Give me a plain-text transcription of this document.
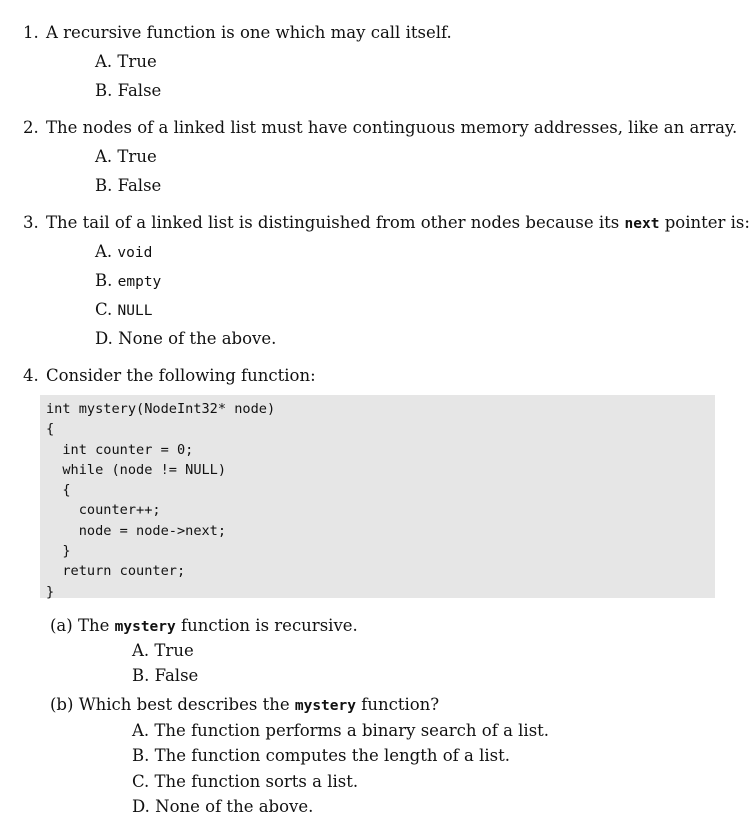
1. A recursive function is one which may call itself.
A. True
B. False
2. The nodes of a linked list must have continguous memory addresses, like an array.
A. True
B. False
3. The tail of a linked list is distinguished from other nodes because its next pointer is:
A. void
B. empty
C. NULL
D. None of the above.
4. Consider the following function:
int mystery(NodeInt32* node)
{
int counter = 0;
while (node != NULL)
{
counter++;
node = node->next;
}
return counter;
}
(a) The mystery function is recursive.
A. True
B. False
(b) Which best describes the mystery function?
A. The function performs a binary search of a list.
B. The function computes the length of a list.
C. The function sorts a list.
D. None of the above.
